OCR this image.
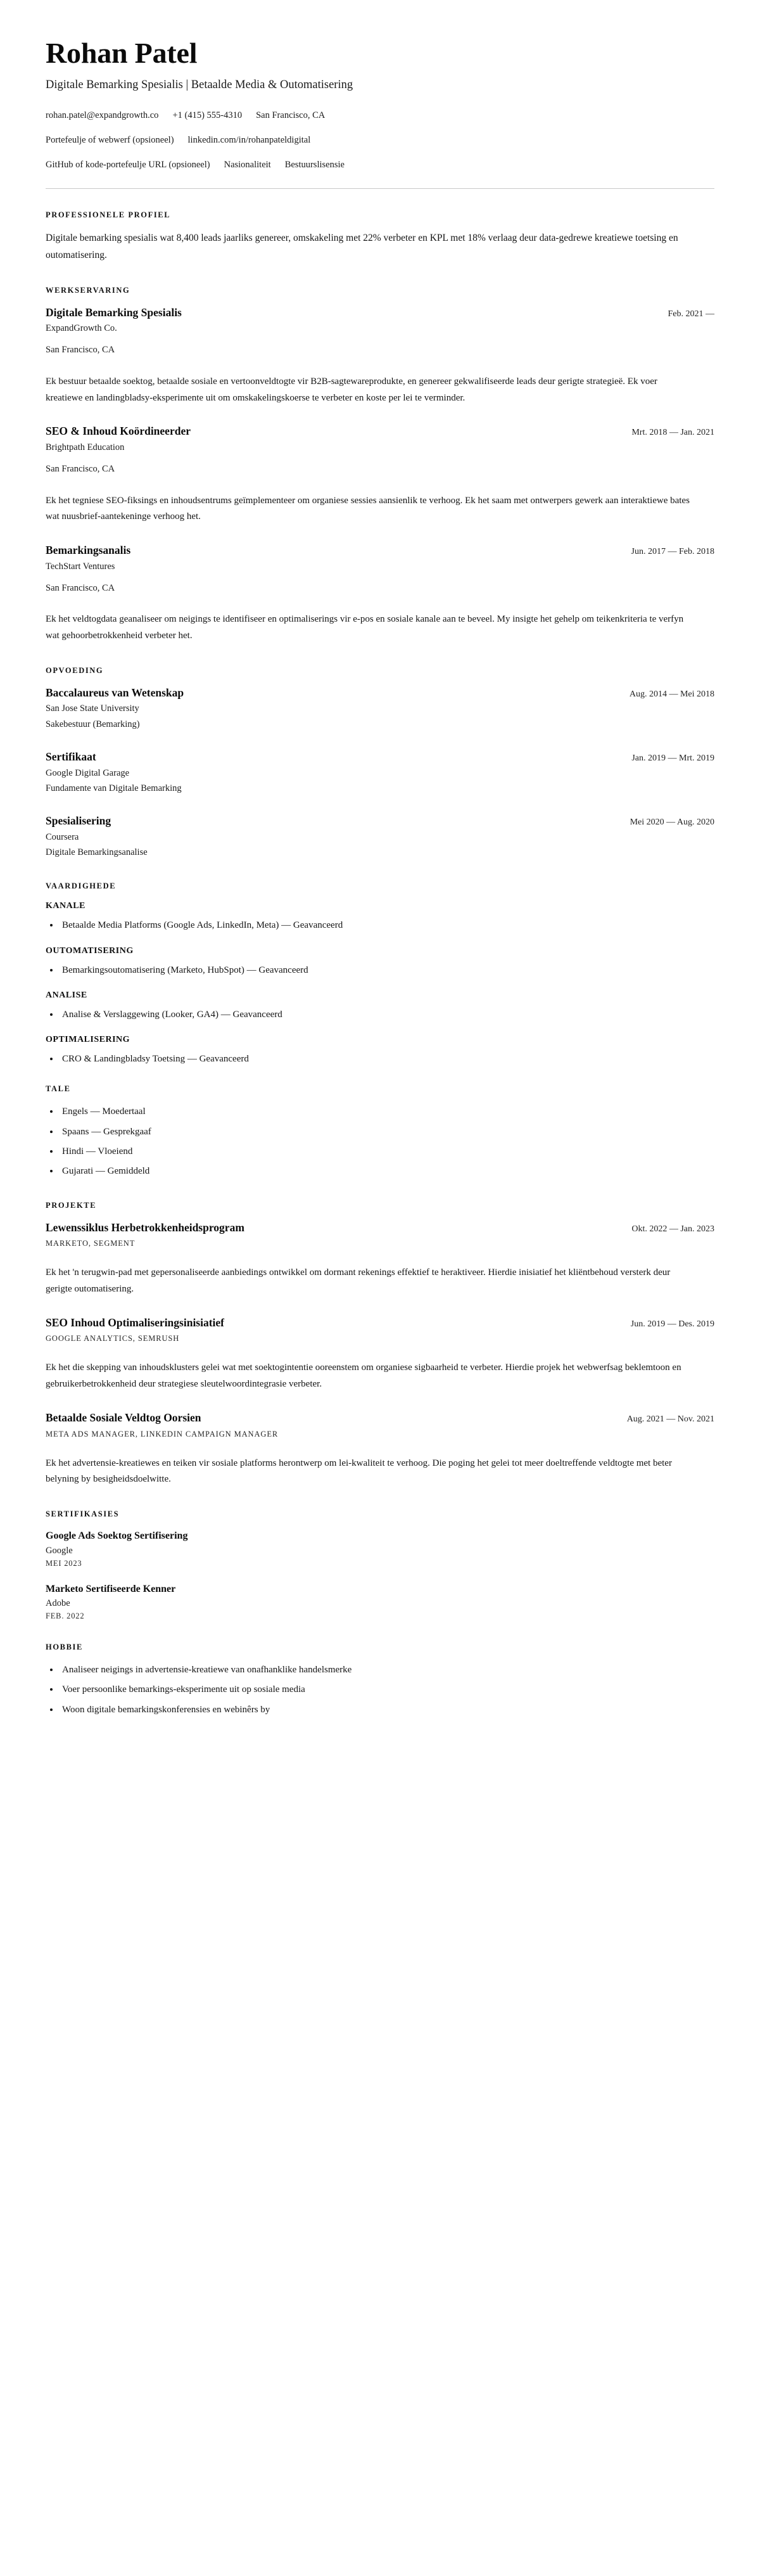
Rohan Patel
Digitale Bemarking Spesialis | Betaalde Media & Outomatisering
rohan.patel@expandgrowth.co +1 (415) 555-4310 San Francisco, CA
Portefeulje of webwerf (opsioneel) linkedin.com/in/rohanpateldigital
GitHub of kode-portefeulje URL (opsioneel) Nasionaliteit Bestuurslisensie
PROFESSIONELE PROFIEL

Digitale bemarking spesialis wat 8,400 leads jaarliks genereer, omskakeling met 22% verbeter en KPL met 18% verlaag deur data-gedrewe kreatiewe toetsing en outomatisering.

WERKSERVARING
Digitale Bemarking Spesialis	Feb. 2021 —
ExpandGrowth Co.
San Francisco, CA
Ek bestuur betaalde soektog, betaalde sosiale en vertoonveldtogte vir B2B-sagtewareprodukte, en genereer gekwalifiseerde leads deur gerigte strategieë. Ek voer kreatiewe en landingbladsy-eksperimente uit om omskakelingskoerse te verbeter en koste per lei te verminder.
SEO & Inhoud Koördineerder	Mrt. 2018 — Jan. 2021
Brightpath Education
San Francisco, CA
Ek het tegniese SEO-fiksings en inhoudsentrums geïmplementeer om organiese sessies aansienlik te verhoog. Ek het saam met ontwerpers gewerk aan interaktiewe bates wat nuusbrief-aantekeninge verhoog het.
Bemarkingsanalis	Jun. 2017 — Feb. 2018
TechStart Ventures
San Francisco, CA
Ek het veldtogdata geanaliseer om neigings te identifiseer en optimaliserings vir e-pos en sosiale kanale aan te beveel. My insigte het gehelp om teikenkriteria te verfyn wat gehoorbetrokkenheid verbeter het.
OPVOEDING
Baccalaureus van Wetenskap	Aug. 2014 — Mei 2018
San Jose State University
Sakebestuur (Bemarking)
Sertifikaat	Jan. 2019 — Mrt. 2019
Google Digital Garage
Fundamente van Digitale Bemarking
Spesialisering	Mei 2020 — Aug. 2020
Coursera
Digitale Bemarkingsanalise
VAARDIGHEDE
KANALE
Betaalde Media Platforms (Google Ads, LinkedIn, Meta) — Geavanceerd
OUTOMATISERING
Bemarkingsoutomatisering (Marketo, HubSpot) — Geavanceerd
ANALISE
Analise & Verslaggewing (Looker, GA4) — Geavanceerd
OPTIMALISERING
CRO & Landingbladsy Toetsing — Geavanceerd
TALE
Engels — Moedertaal
Spaans — Gesprekgaaf
Hindi — Vloeiend
Gujarati — Gemiddeld
PROJEKTE
Lewenssiklus Herbetrokkenheidsprogram	Okt. 2022 — Jan. 2023
MARKETO, SEGMENT
Ek het 'n terugwin-pad met gepersonaliseerde aanbiedings ontwikkel om dormant rekenings effektief te heraktiveer. Hierdie inisiatief het kliëntbehoud versterk deur gerigte outomatisering.
SEO Inhoud Optimaliseringsinisiatief	Jun. 2019 — Des. 2019
GOOGLE ANALYTICS, SEMRUSH
Ek het die skepping van inhoudsklusters gelei wat met soektogintentie ooreenstem om organiese sigbaarheid te verbeter. Hierdie projek het webwerfsag beklemtoon en gebruikerbetrokkenheid deur strategiese sleutelwoordintegrasie verbeter.
Betaalde Sosiale Veldtog Oorsien	Aug. 2021 — Nov. 2021
META ADS MANAGER, LINKEDIN CAMPAIGN MANAGER
Ek het advertensie-kreatiewes en teiken vir sosiale platforms herontwerp om lei-kwaliteit te verhoog. Die poging het gelei tot meer doeltreffende veldtogte met beter belyning by besigheidsdoelwitte.
SERTIFIKASIES
Google Ads Soektog Sertifisering
Google
MEI 2023
Marketo Sertifiseerde Kenner
Adobe
FEB. 2022
HOBBIE
Analiseer neigings in advertensie-kreatiewe van onafhanklike handelsmerke
Voer persoonlike bemarkings-eksperimente uit op sosiale media
Woon digitale bemarkingskonferensies en webinêrs by
